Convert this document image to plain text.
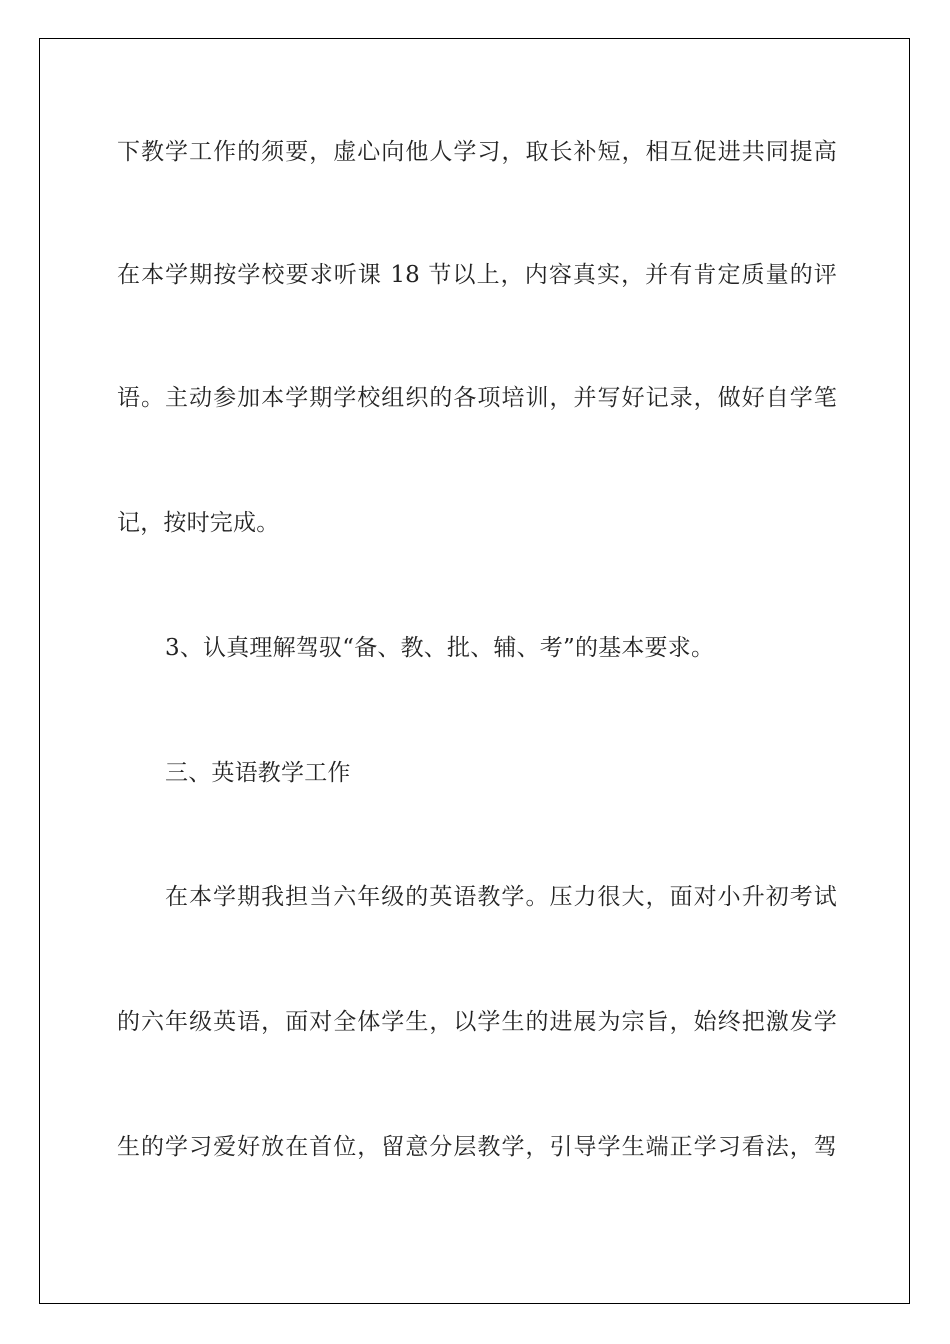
下教学工作的须要，虚心向他人学习，取长补短，相互促进共同提高
在本学期按学校要求听课 18 节以上，内容真实，并有肯定质量的评
语。主动参加本学期学校组织的各项培训，并写好记录，做好自学笔
记，按时完成。
3、认真理解驾驭“备、教、批、辅、考”的基本要求。
三、英语教学工作
在本学期我担当六年级的英语教学。压力很大，面对小升初考试
的六年级英语，面对全体学生，以学生的进展为宗旨，始终把激发学
生的学习爱好放在首位，留意分层教学，引导学生端正学习看法，驾
